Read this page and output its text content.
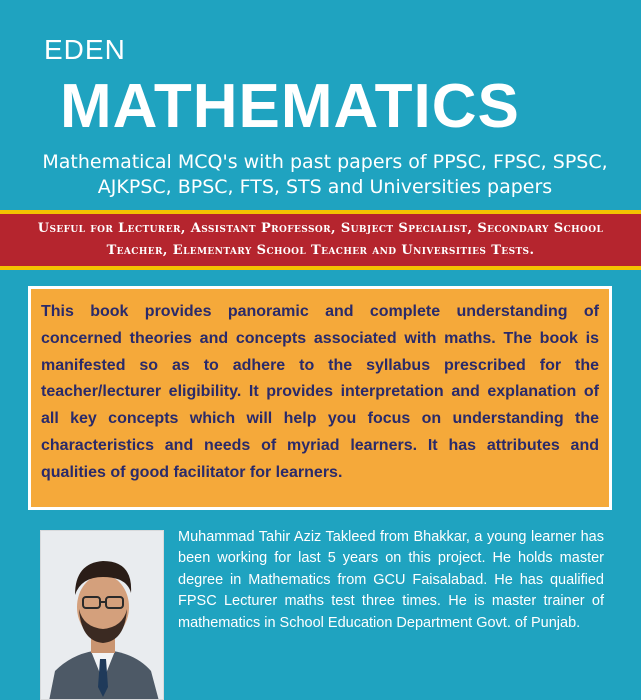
EDEN
MATHEMATICS
Mathematical MCQ's with past papers of PPSC, FPSC, SPSC, AJKPSC, BPSC, FTS, STS and Universities papers
Useful for Lecturer, Assistant Professor, Subject Specialist, Secondary School Teacher, Elementary School Teacher and Universities Tests.

This book provides panoramic and complete understanding of concerned theories and concepts associated with maths. The book is manifested so as to adhere to the syllabus prescribed for the teacher/lecturer eligibility. It provides interpretation and explanation of all key concepts which will help you focus on understanding the characteristics and needs of myriad learners. It has attributes and qualities of good facilitator for learners.

Muhammad Tahir Aziz Takleed from Bhakkar, a young learner has been working for last 5 years on this project. He holds master degree in Mathematics from GCU Faisalabad. He has qualified FPSC Lecturer maths test three times. He is master trainer of mathematics in School Education Department Govt. of Punjab.
